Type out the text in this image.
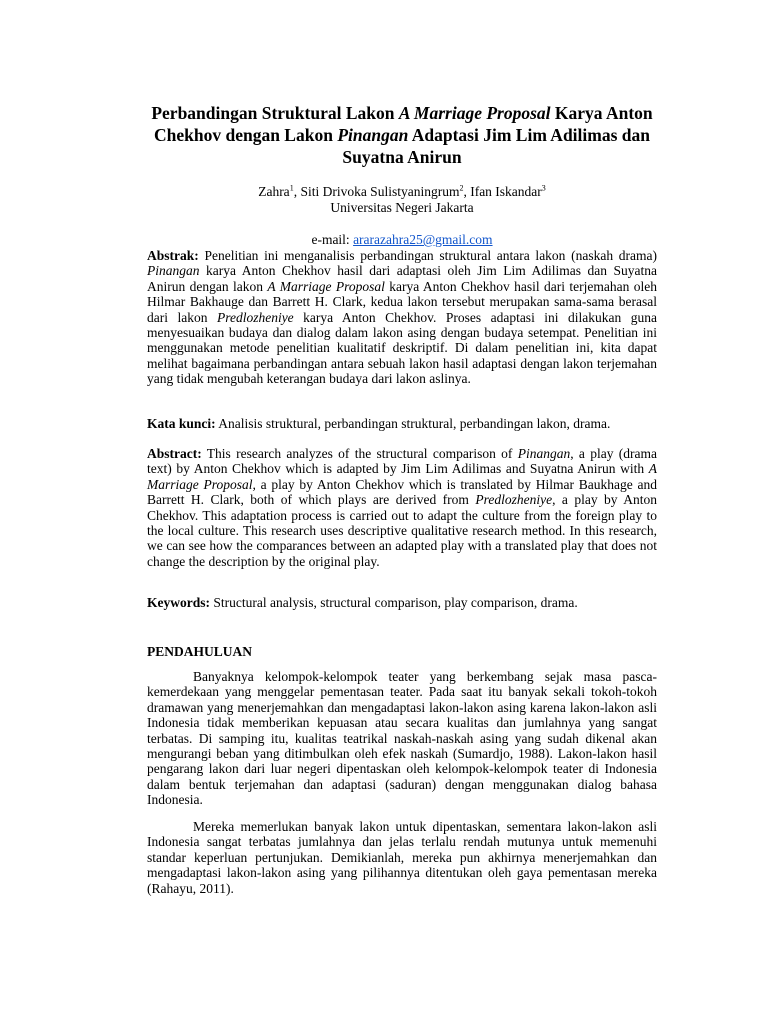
Perbandingan Struktural Lakon A Marriage Proposal Karya Anton Chekhov dengan Lakon Pinangan Adaptasi Jim Lim Adilimas dan Suyatna Anirun
Zahra$^1$, Siti Drivoka Sulistyaningrum$^2$, Ifan Iskandar$^3$
Universitas Negeri Jakarta
e-mail: ararazahra25@gmail.com

Abstrak: Penelitian ini menganalisis perbandingan struktural antara lakon (naskah drama) Pinangan karya Anton Chekhov hasil dari adaptasi oleh Jim Lim Adilimas dan Suyatna Anirun dengan lakon A Marriage Proposal karya Anton Chekhov hasil dari terjemahan oleh Hilmar Bakhauge dan Barrett H. Clark, kedua lakon tersebut merupakan sama-sama berasal dari lakon Predlozheniye karya Anton Chekhov. Proses adaptasi ini dilakukan guna menyesuaikan budaya dan dialog dalam lakon asing dengan budaya setempat. Penelitian ini menggunakan metode penelitian kualitatif deskriptif. Di dalam penelitian ini, kita dapat melihat bagaimana perbandingan antara sebuah lakon hasil adaptasi dengan lakon terjemahan yang tidak mengubah keterangan budaya dari lakon aslinya.

Kata kunci: Analisis struktural, perbandingan struktural, perbandingan lakon, drama.

Abstract: This research analyzes of the structural comparison of Pinangan, a play (drama text) by Anton Chekhov which is adapted by Jim Lim Adilimas and Suyatna Anirun with A Marriage Proposal, a play by Anton Chekhov which is translated by Hilmar Baukhage and Barrett H. Clark, both of which plays are derived from Predlozheniye, a play by Anton Chekhov. This adaptation process is carried out to adapt the culture from the foreign play to the local culture. This research uses descriptive qualitative research method. In this research, we can see how the comparances between an adapted play with a translated play that does not change the description by the original play.

Keywords: Structural analysis, structural comparison, play comparison, drama.

PENDAHULUAN

Banyaknya kelompok-kelompok teater yang berkembang sejak masa pasca-kemerdekaan yang menggelar pementasan teater. Pada saat itu banyak sekali tokoh-tokoh dramawan yang menerjemahkan dan mengadaptasi lakon-lakon asing karena lakon-lakon asli Indonesia tidak memberikan kepuasan atau secara kualitas dan jumlahnya yang sangat terbatas. Di samping itu, kualitas teatrikal naskah-naskah asing yang sudah dikenal akan mengurangi beban yang ditimbulkan oleh efek naskah (Sumardjo, 1988). Lakon-lakon hasil pengarang lakon dari luar negeri dipentaskan oleh kelompok-kelompok teater di Indonesia dalam bentuk terjemahan dan adaptasi (saduran) dengan menggunakan dialog bahasa Indonesia.

Mereka memerlukan banyak lakon untuk dipentaskan, sementara lakon-lakon asli Indonesia sangat terbatas jumlahnya dan jelas terlalu rendah mutunya untuk memenuhi standar keperluan pertunjukan. Demikianlah, mereka pun akhirnya menerjemahkan dan mengadaptasi lakon-lakon asing yang pilihannya ditentukan oleh gaya pementasan mereka (Rahayu, 2011).
